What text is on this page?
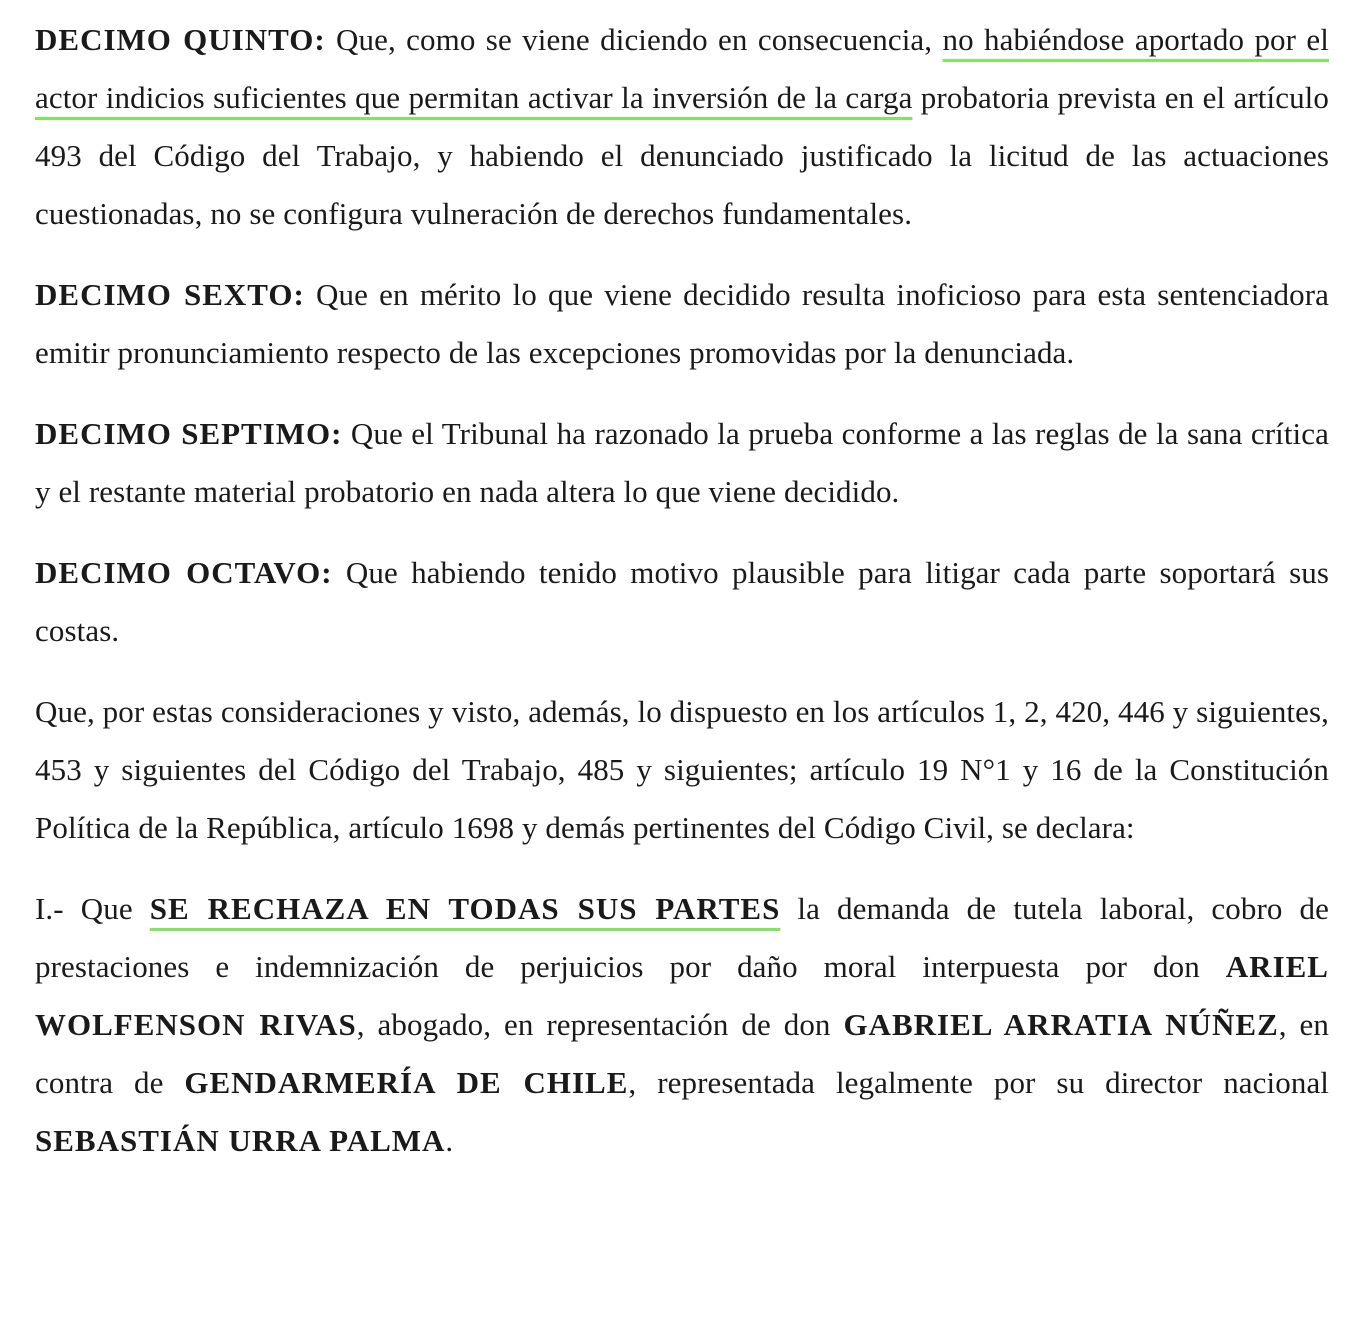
DECIMO QUINTO: Que, como se viene diciendo en consecuencia, no habiéndose aportado por el actor indicios suficientes que permitan activar la inversión de la carga probatoria prevista en el artículo 493 del Código del Trabajo, y habiendo el denunciado justificado la licitud de las actuaciones cuestionadas, no se configura vulneración de derechos fundamentales.

DECIMO SEXTO: Que en mérito lo que viene decidido resulta inoficioso para esta sentenciadora emitir pronunciamiento respecto de las excepciones promovidas por la denunciada.

DECIMO SEPTIMO: Que el Tribunal ha razonado la prueba conforme a las reglas de la sana crítica y el restante material probatorio en nada altera lo que viene decidido.

DECIMO OCTAVO: Que habiendo tenido motivo plausible para litigar cada parte soportará sus costas.

Que, por estas consideraciones y visto, además, lo dispuesto en los artículos 1, 2, 420, 446 y siguientes, 453 y siguientes del Código del Trabajo, 485 y siguientes; artículo 19 N°1 y 16 de la Constitución Política de la República, artículo 1698 y demás pertinentes del Código Civil, se declara:

I.- Que SE RECHAZA EN TODAS SUS PARTES la demanda de tutela laboral, cobro de prestaciones e indemnización de perjuicios por daño moral interpuesta por don ARIEL WOLFENSON RIVAS, abogado, en representación de don GABRIEL ARRATIA NÚÑEZ, en contra de GENDARMERÍA DE CHILE, representada legalmente por su director nacional SEBASTIÁN URRA PALMA.
